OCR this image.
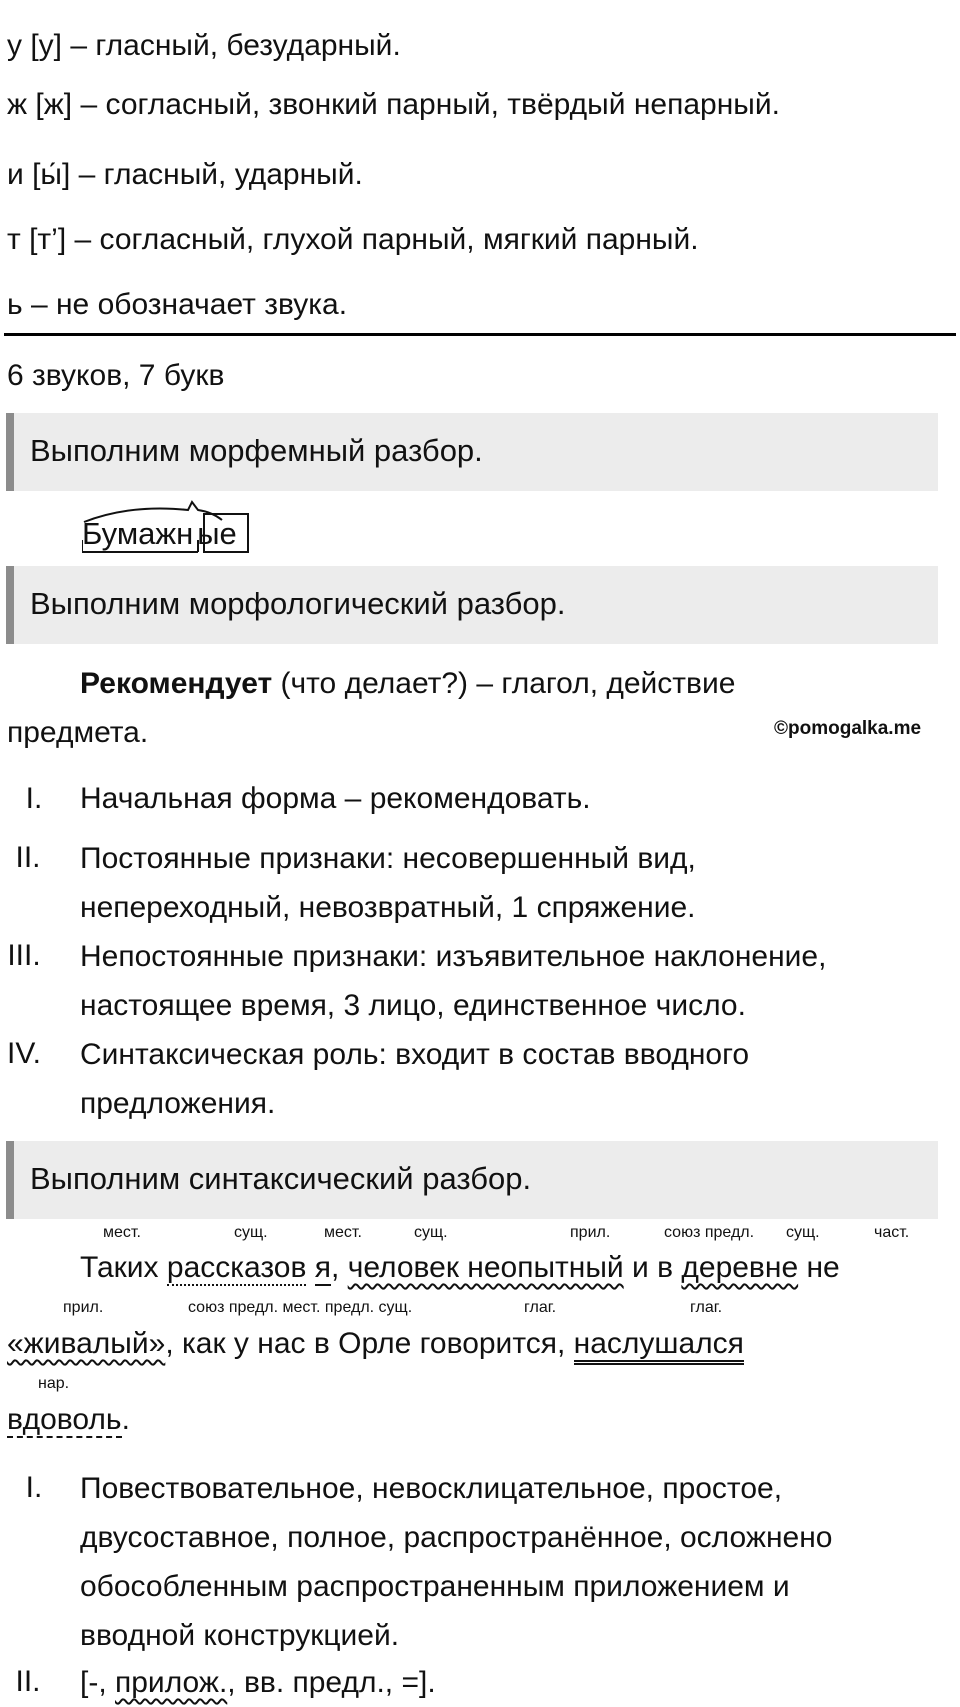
у [у] – гласный, безударный.
ж [ж] – согласный, звонкий парный, твёрдый непарный.
и [ы́] – гласный, ударный.
т [т’] – согласный, глухой парный, мягкий парный.
ь – не обозначает звука.
6 звуков, 7 букв
Выполним морфемный разбор.
Бумажн ые
Выполним морфологический разбор.
Рекомендует (что делает?) – глагол, действие
предмета.	©pomogalka.me
I.	Начальная форма – рекомендовать.
II.	Постоянные признаки: несовершенный вид,
непереходный, невозвратный, 1 спряжение.
III. Непостоянные признаки: изъявительное наклонение,
настоящее время, 3 лицо, единственное число.
IV. Синтаксическая роль: входит в состав вводного
предложения.
Выполним синтаксический разбор.
мест.	сущ.	мест.	сущ.	прил.	союз предл. сущ.	част.
Таких рассказов я, человек неопытный и в деревне не
прил.	союз предл. мест. предл. сущ.	глаг.	глаг.
«живалый», как у нас в Орле говорится, наслушался
нар.
вдоволь.
I.	Повествовательное, невосклицательное, простое,
двусоставное, полное, распространённое, осложнено
обособленным распространенным приложением и
вводной конструкцией.
II.	[-, прилож., вв. предл., =].
